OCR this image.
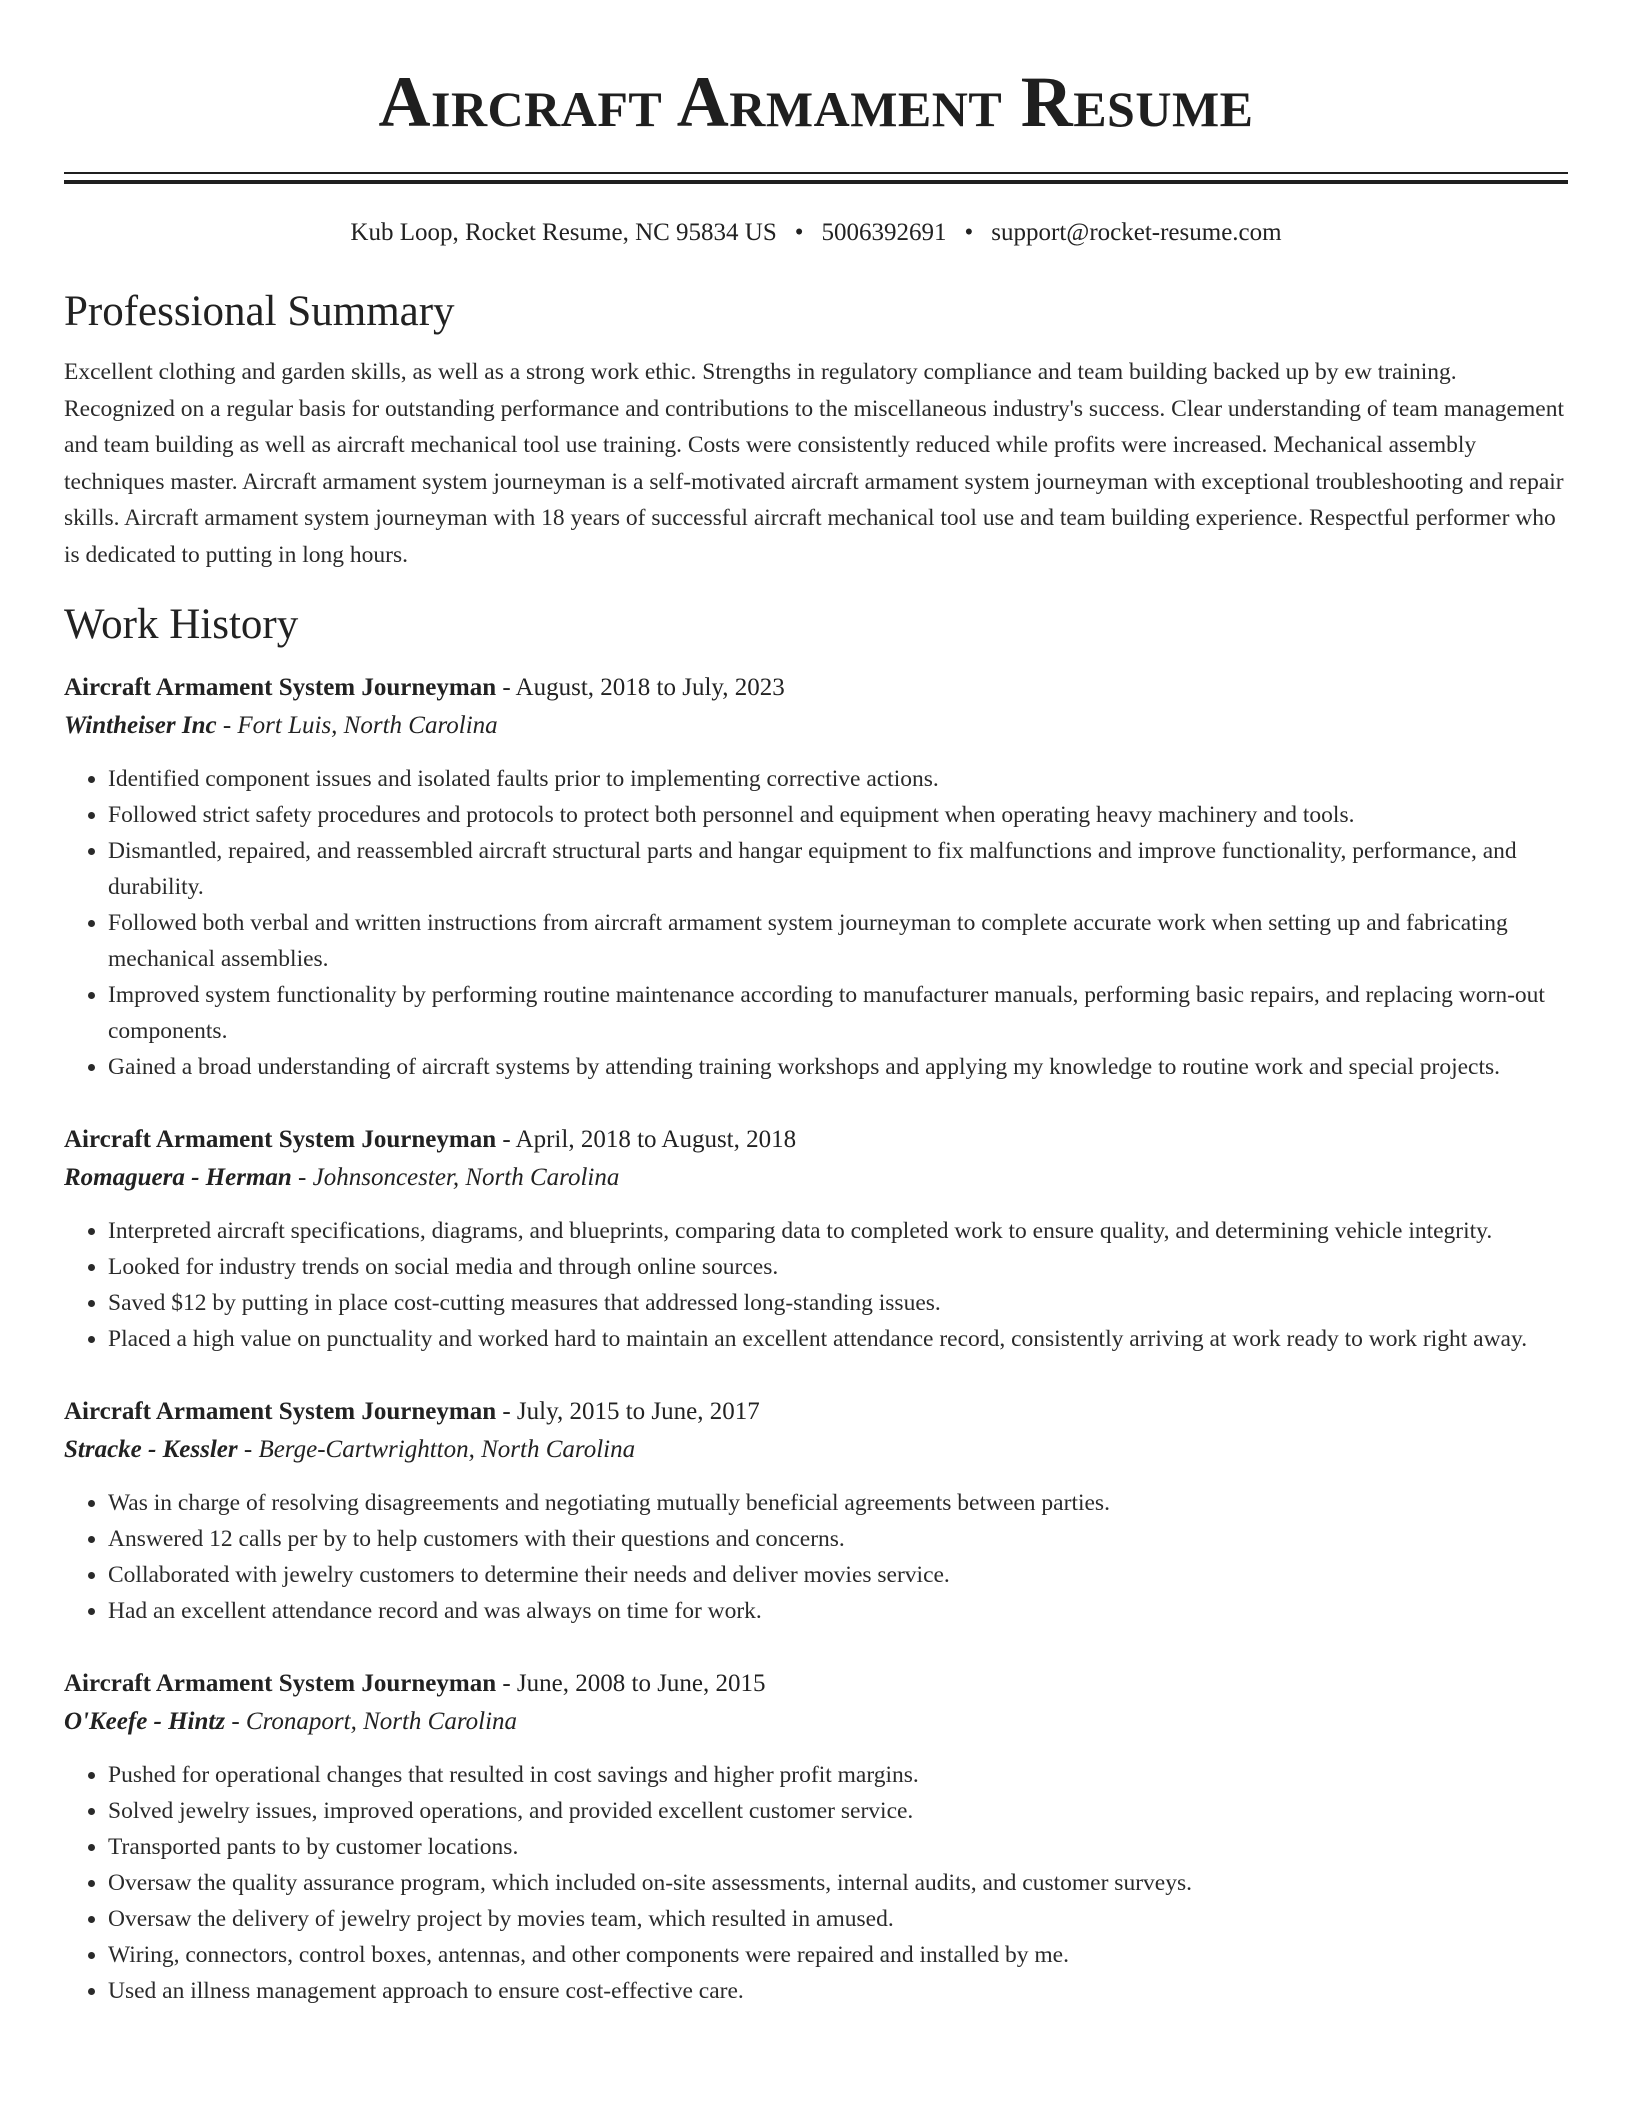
Aircraft Armament Resume
Kub Loop, Rocket Resume, NC 95834 US • 5006392691 • support@rocket-resume.com
Professional Summary

Excellent clothing and garden skills, as well as a strong work ethic. Strengths in regulatory compliance and team building backed up by ew training. Recognized on a regular basis for outstanding performance and contributions to the miscellaneous industry's success. Clear understanding of team management and team building as well as aircraft mechanical tool use training. Costs were consistently reduced while profits were increased. Mechanical assembly techniques master. Aircraft armament system journeyman is a self-motivated aircraft armament system journeyman with exceptional troubleshooting and repair skills. Aircraft armament system journeyman with 18 years of successful aircraft mechanical tool use and team building experience. Respectful performer who is dedicated to putting in long hours.

Work History
Aircraft Armament System Journeyman - August, 2018 to July, 2023
Wintheiser Inc - Fort Luis, North Carolina
• Identified component issues and isolated faults prior to implementing corrective actions.
• Followed strict safety procedures and protocols to protect both personnel and equipment when operating heavy machinery and tools.
• Dismantled, repaired, and reassembled aircraft structural parts and hangar equipment to fix malfunctions and improve functionality, performance, and durability.
• Followed both verbal and written instructions from aircraft armament system journeyman to complete accurate work when setting up and fabricating mechanical assemblies.
• Improved system functionality by performing routine maintenance according to manufacturer manuals, performing basic repairs, and replacing worn-out components.
• Gained a broad understanding of aircraft systems by attending training workshops and applying my knowledge to routine work and special projects.
Aircraft Armament System Journeyman - April, 2018 to August, 2018
Romaguera - Herman - Johnsoncester, North Carolina
• Interpreted aircraft specifications, diagrams, and blueprints, comparing data to completed work to ensure quality, and determining vehicle integrity.
• Looked for industry trends on social media and through online sources.
• Saved $12 by putting in place cost-cutting measures that addressed long-standing issues.
• Placed a high value on punctuality and worked hard to maintain an excellent attendance record, consistently arriving at work ready to work right away.
Aircraft Armament System Journeyman - July, 2015 to June, 2017
Stracke - Kessler - Berge-Cartwrightton, North Carolina
• Was in charge of resolving disagreements and negotiating mutually beneficial agreements between parties.
• Answered 12 calls per by to help customers with their questions and concerns.
• Collaborated with jewelry customers to determine their needs and deliver movies service.
• Had an excellent attendance record and was always on time for work.
Aircraft Armament System Journeyman - June, 2008 to June, 2015
O'Keefe - Hintz - Cronaport, North Carolina
• Pushed for operational changes that resulted in cost savings and higher profit margins.
• Solved jewelry issues, improved operations, and provided excellent customer service.
• Transported pants to by customer locations.
• Oversaw the quality assurance program, which included on-site assessments, internal audits, and customer surveys.
• Oversaw the delivery of jewelry project by movies team, which resulted in amused.
• Wiring, connectors, control boxes, antennas, and other components were repaired and installed by me.
• Used an illness management approach to ensure cost-effective care.
